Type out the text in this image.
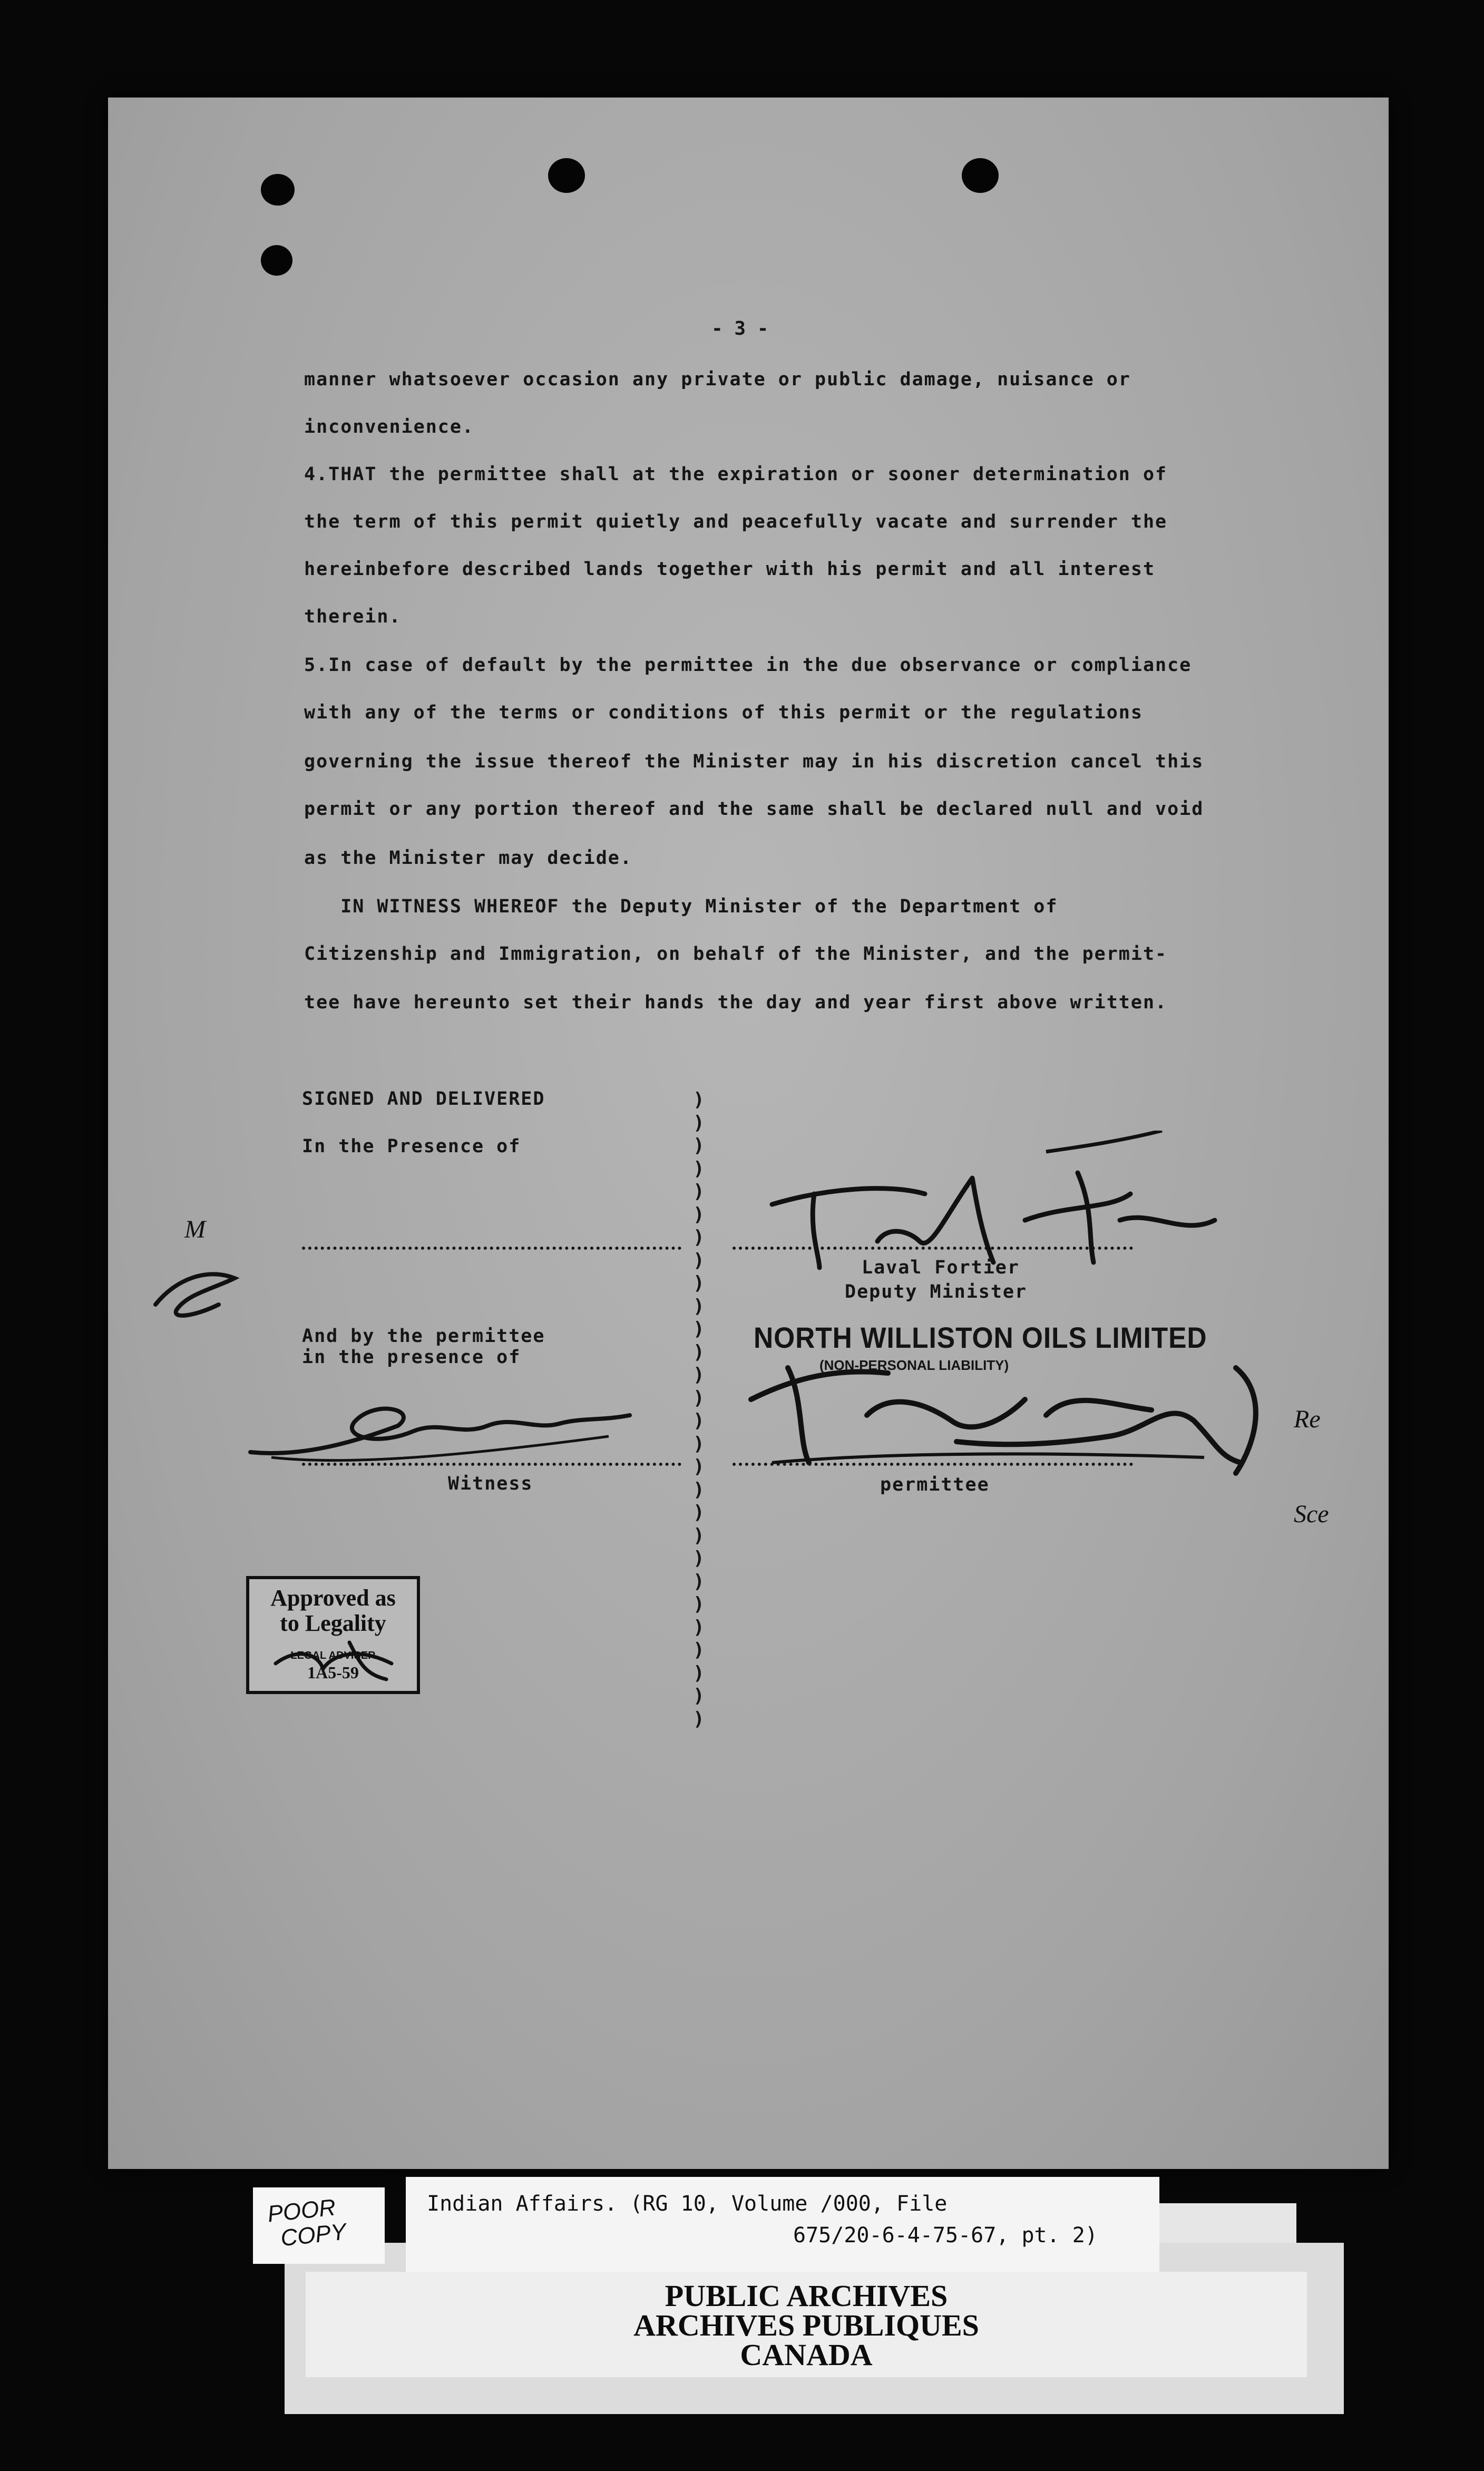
- 3 -
manner whatsoever occasion any private or public damage, nuisance or
inconvenience.
4.THAT the permittee shall at the expiration or sooner determination of
the term of this permit quietly and peacefully vacate and surrender the
hereinbefore described lands together with his permit and all interest
therein.
5.In case of default by the permittee in the due observance or compliance
with any of the terms or conditions of this permit or the regulations
governing the issue thereof the Minister may in his discretion cancel this
permit or any portion thereof and the same shall be declared null and void
as the Minister may decide.
IN WITNESS WHEREOF the Deputy Minister of the Department of
Citizenship and Immigration, on behalf of the Minister, and the permit-
tee have hereunto set their hands the day and year first above written.
SIGNED AND DELIVERED
In the Presence of
And by the permittee
in the presence of
Witness
)
)
)
)
)
)
)
)
)
)
)
)
)
)
)
)
)
)
)
)
)
)
)
)
)
)
)
)
Laval Fortier
Deputy Minister
NORTH WILLISTON OILS LIMITED
(NON-PERSONAL LIABILITY)
permittee
M
Re
Sce
Approved as
to Legality
LEGAL ADVISER
1A5-59
Indian Affairs. (RG 10, Volume /000, File
675/20-6-4-75-67, pt. 2)
POOR
COPY
PUBLIC ARCHIVES
ARCHIVES PUBLIQUES
CANADA
